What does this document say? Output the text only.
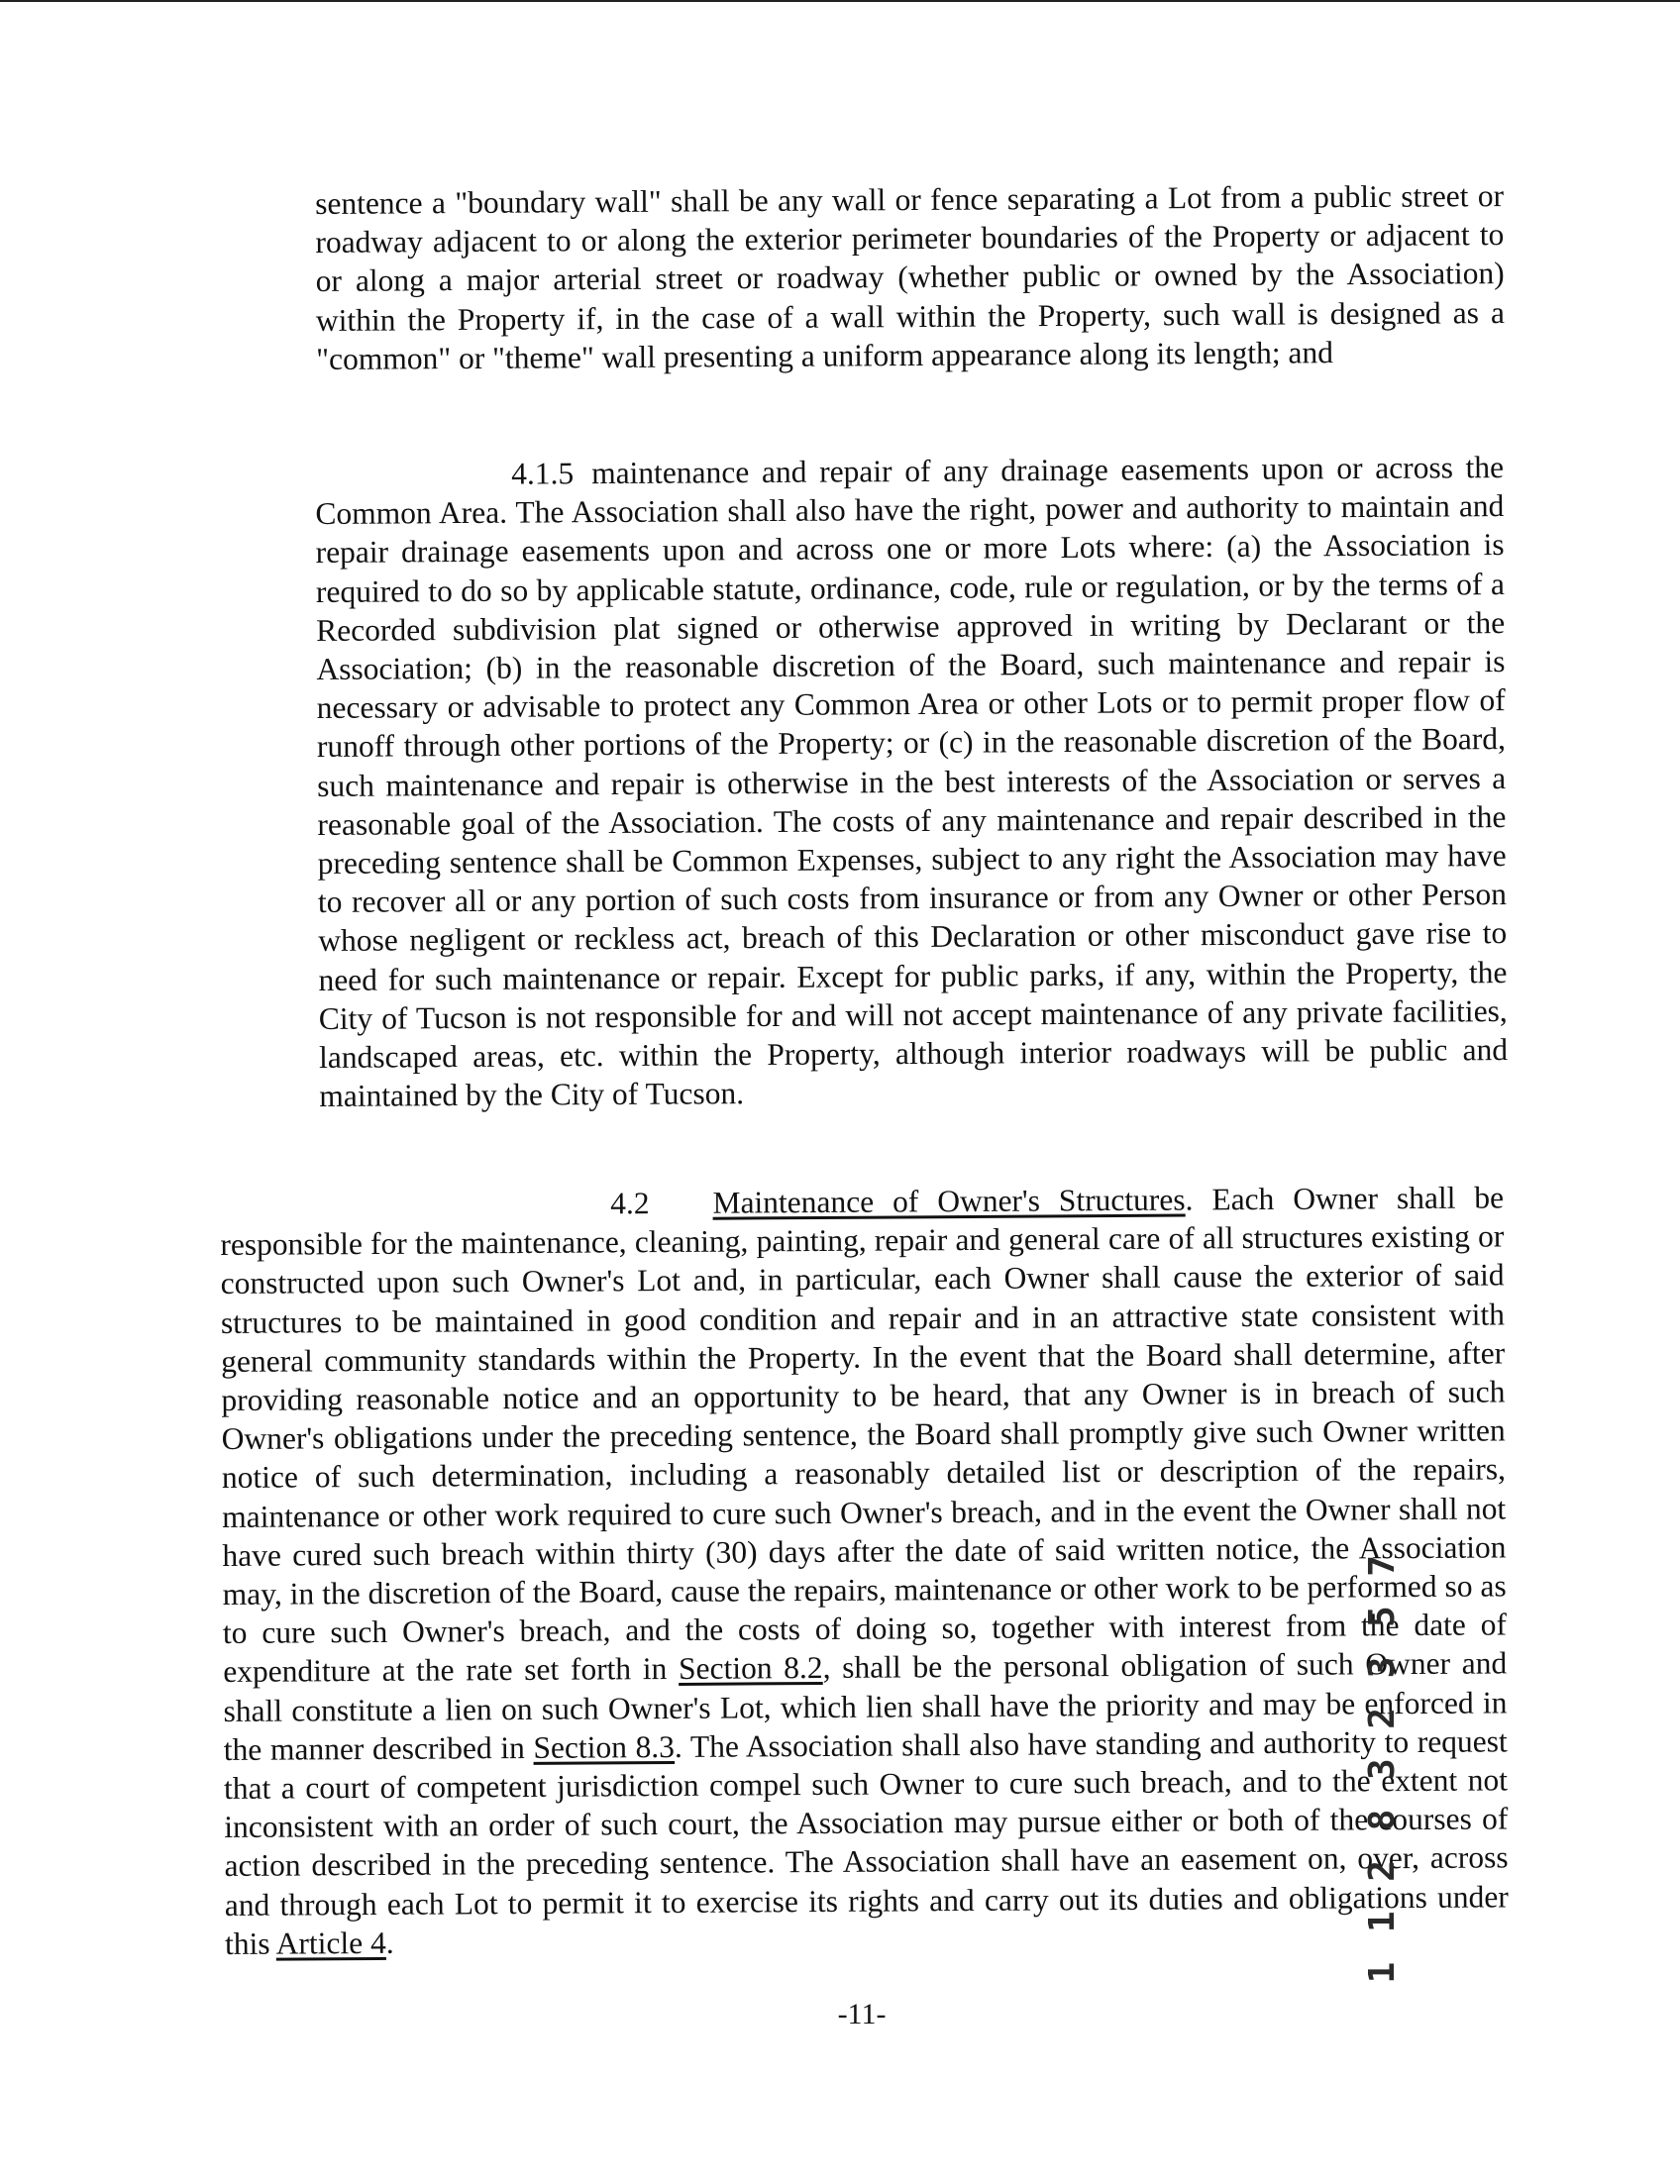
sentence a "boundary wall" shall be any wall or fence separating a Lot from a public street or roadway adjacent to or along the exterior perimeter boundaries of the Property or adjacent to or along a major arterial street or roadway (whether public or owned by the Association) within the Property if, in the case of a wall within the Property, such wall is designed as a "common" or "theme" wall presenting a uniform appearance along its length; and
4.1.5 maintenance and repair of any drainage easements upon or across the Common Area. The Association shall also have the right, power and authority to maintain and repair drainage easements upon and across one or more Lots where: (a) the Association is required to do so by applicable statute, ordinance, code, rule or regulation, or by the terms of a Recorded subdivision plat signed or otherwise approved in writing by Declarant or the Association; (b) in the reasonable discretion of the Board, such maintenance and repair is necessary or advisable to protect any Common Area or other Lots or to permit proper flow of runoff through other portions of the Property; or (c) in the reasonable discretion of the Board, such maintenance and repair is otherwise in the best interests of the Association or serves a reasonable goal of the Association. The costs of any maintenance and repair described in the preceding sentence shall be Common Expenses, subject to any right the Association may have to recover all or any portion of such costs from insurance or from any Owner or other Person whose negligent or reckless act, breach of this Declaration or other misconduct gave rise to need for such maintenance or repair. Except for public parks, if any, within the Property, the City of Tucson is not responsible for and will not accept maintenance of any private facilities, landscaped areas, etc. within the Property, although interior roadways will be public and maintained by the City of Tucson.
4.2 Maintenance of Owner's Structures. Each Owner shall be responsible for the maintenance, cleaning, painting, repair and general care of all structures existing or constructed upon such Owner's Lot and, in particular, each Owner shall cause the exterior of said structures to be maintained in good condition and repair and in an attractive state consistent with general community standards within the Property. In the event that the Board shall determine, after providing reasonable notice and an opportunity to be heard, that any Owner is in breach of such Owner's obligations under the preceding sentence, the Board shall promptly give such Owner written notice of such determination, including a reasonably detailed list or description of the repairs, maintenance or other work required to cure such Owner's breach, and in the event the Owner shall not have cured such breach within thirty (30) days after the date of said written notice, the Association may, in the discretion of the Board, cause the repairs, maintenance or other work to be performed so as to cure such Owner's breach, and the costs of doing so, together with interest from the date of expenditure at the rate set forth in Section 8.2, shall be the personal obligation of such Owner and shall constitute a lien on such Owner's Lot, which lien shall have the priority and may be enforced in the manner described in Section 8.3. The Association shall also have standing and authority to request that a court of competent jurisdiction compel such Owner to cure such breach, and to the extent not inconsistent with an order of such court, the Association may pursue either or both of the courses of action described in the preceding sentence. The Association shall have an easement on, over, across and through each Lot to permit it to exercise its rights and carry out its duties and obligations under this Article 4.
-11-
1 1 2 8 3 2 3 5 7
